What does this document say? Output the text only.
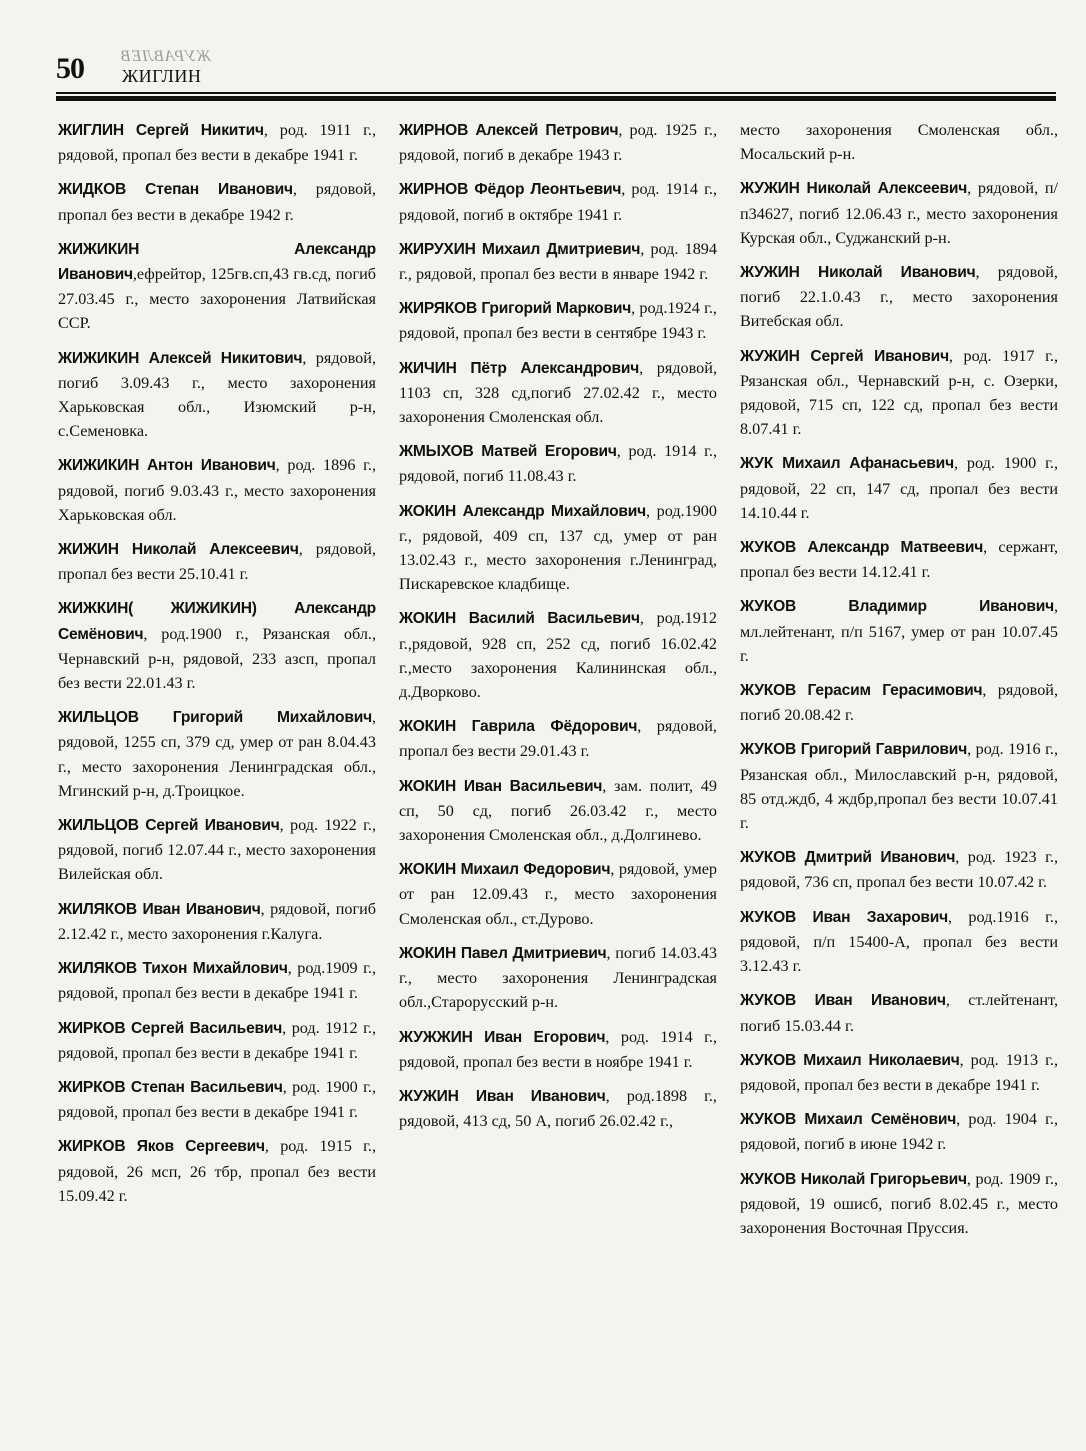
50 ЖУРАВЛЕВ
ЖИГЛИН

ЖИГЛИН Сергей Никитич, род. 1911 г., рядовой, пропал без вести в декабре 1941 г.

ЖИДКОВ Степан Иванович, рядовой, пропал без вести в декабре 1942 г.

ЖИЖИКИН Александр Иванович,ефрейтор, 125гв.сп,43 гв.сд, погиб 27.03.45 г., место захоронения Латвийская ССР.

ЖИЖИКИН Алексей Никитович, рядовой, погиб 3.09.43 г., место захоронения Харьковская обл., Изюмский р-н, с.Семеновка.

ЖИЖИКИН Антон Иванович, род. 1896 г., рядовой, погиб 9.03.43 г., место захоронения Харьковская обл.

ЖИЖИН Николай Алексеевич, рядовой, пропал без вести 25.10.41 г.

ЖИЖКИН( ЖИЖИКИН) Александр Семёнович, род.1900 г., Рязанская обл., Чернавский р-н, рядовой, 233 азсп, пропал без вести 22.01.43 г.

ЖИЛЬЦОВ Григорий Михайлович, рядовой, 1255 сп, 379 сд, умер от ран 8.04.43 г., место захоронения Ленинградская обл., Мгинский р-н, д.Троицкое.

ЖИЛЬЦОВ Сергей Иванович, род. 1922 г., рядовой, погиб 12.07.44 г., место захоронения Вилейская обл.

ЖИЛЯКОВ Иван Иванович, рядовой, погиб 2.12.42 г., место захоронения г.Калуга.

ЖИЛЯКОВ Тихон Михайлович, род.1909 г., рядовой, пропал без вести в декабре 1941 г.

ЖИРКОВ Сергей Васильевич, род. 1912 г., рядовой, пропал без вести в декабре 1941 г.

ЖИРКОВ Степан Васильевич, род. 1900 г., рядовой, пропал без вести в декабре 1941 г.

ЖИРКОВ Яков Сергеевич, род. 1915 г., рядовой, 26 мсп, 26 тбр, пропал без вести 15.09.42 г.

ЖИРНОВ Алексей Петрович, род. 1925 г., рядовой, погиб в декабре 1943 г.

ЖИРНОВ Фёдор Леонтьевич, род. 1914 г., рядовой, погиб в октябре 1941 г.

ЖИРУХИН Михаил Дмитриевич, род. 1894 г., рядовой, пропал без вести в январе 1942 г.

ЖИРЯКОВ Григорий Маркович, род.1924 г., рядовой, пропал без вести в сентябре 1943 г.

ЖИЧИН Пётр Александрович, рядовой, 1103 сп, 328 сд,погиб 27.02.42 г., место захоронения Смоленская обл.

ЖМЫХОВ Матвей Егорович, род. 1914 г., рядовой, погиб 11.08.43 г.

ЖОКИН Александр Михайлович, род.1900 г., рядовой, 409 сп, 137 сд, умер от ран 13.02.43 г., место захоронения г.Ленинград, Пискаревское кладбище.

ЖОКИН Василий Васильевич, род.1912 г.,рядовой, 928 сп, 252 сд, погиб 16.02.42 г.,место захоронения Калининская обл., д.Дворково.

ЖОКИН Гаврила Фёдорович, рядовой, пропал без вести 29.01.43 г.

ЖОКИН Иван Васильевич, зам. полит, 49 сп, 50 сд, погиб 26.03.42 г., место захоронения Смоленская обл., д.Долгинево.

ЖОКИН Михаил Федорович, рядовой, умер от ран 12.09.43 г., место захоронения Смоленская обл., ст.Дурово.

ЖОКИН Павел Дмитриевич, погиб 14.03.43 г., место захоронения Ленинградская обл.,Старорусский р-н.

ЖУЖЖИН Иван Егорович, род. 1914 г., рядовой, пропал без вести в ноябре 1941 г.

ЖУЖИН Иван Иванович, род.1898 г., рядовой, 413 сд, 50 А, погиб 26.02.42 г.,

место захоронения Смоленская обл., Мосальский р-н.

ЖУЖИН Николай Алексеевич, рядовой, п/п34627, погиб 12.06.43 г., место захоронения Курская обл., Суджанский р-н.

ЖУЖИН Николай Иванович, рядовой, погиб 22.1.0.43 г., место захоронения Витебская обл.

ЖУЖИН Сергей Иванович, род. 1917 г., Рязанская обл., Чернавский р-н, с. Озерки, рядовой, 715 сп, 122 сд, пропал без вести 8.07.41 г.

ЖУК Михаил Афанасьевич, род. 1900 г., рядовой, 22 сп, 147 сд, пропал без вести 14.10.44 г.

ЖУКОВ Александр Матвеевич, сержант, пропал без вести 14.12.41 г.

ЖУКОВ Владимир Иванович, мл.лейтенант, п/п 5167, умер от ран 10.07.45 г.

ЖУКОВ Герасим Герасимович, рядовой, погиб 20.08.42 г.

ЖУКОВ Григорий Гаврилович, род. 1916 г., Рязанская обл., Милославский р-н, рядовой, 85 отд.ждб, 4 ждбр,пропал без вести 10.07.41 г.

ЖУКОВ Дмитрий Иванович, род. 1923 г., рядовой, 736 сп, пропал без вести 10.07.42 г.

ЖУКОВ Иван Захарович, род.1916 г., рядовой, п/п 15400-А, пропал без вести 3.12.43 г.

ЖУКОВ Иван Иванович, ст.лейтенант, погиб 15.03.44 г.

ЖУКОВ Михаил Николаевич, род. 1913 г., рядовой, пропал без вести в декабре 1941 г.

ЖУКОВ Михаил Семёнович, род. 1904 г., рядовой, погиб в июне 1942 г.

ЖУКОВ Николай Григорьевич, род. 1909 г., рядовой, 19 ошисб, погиб 8.02.45 г., место захоронения Восточная Пруссия.
